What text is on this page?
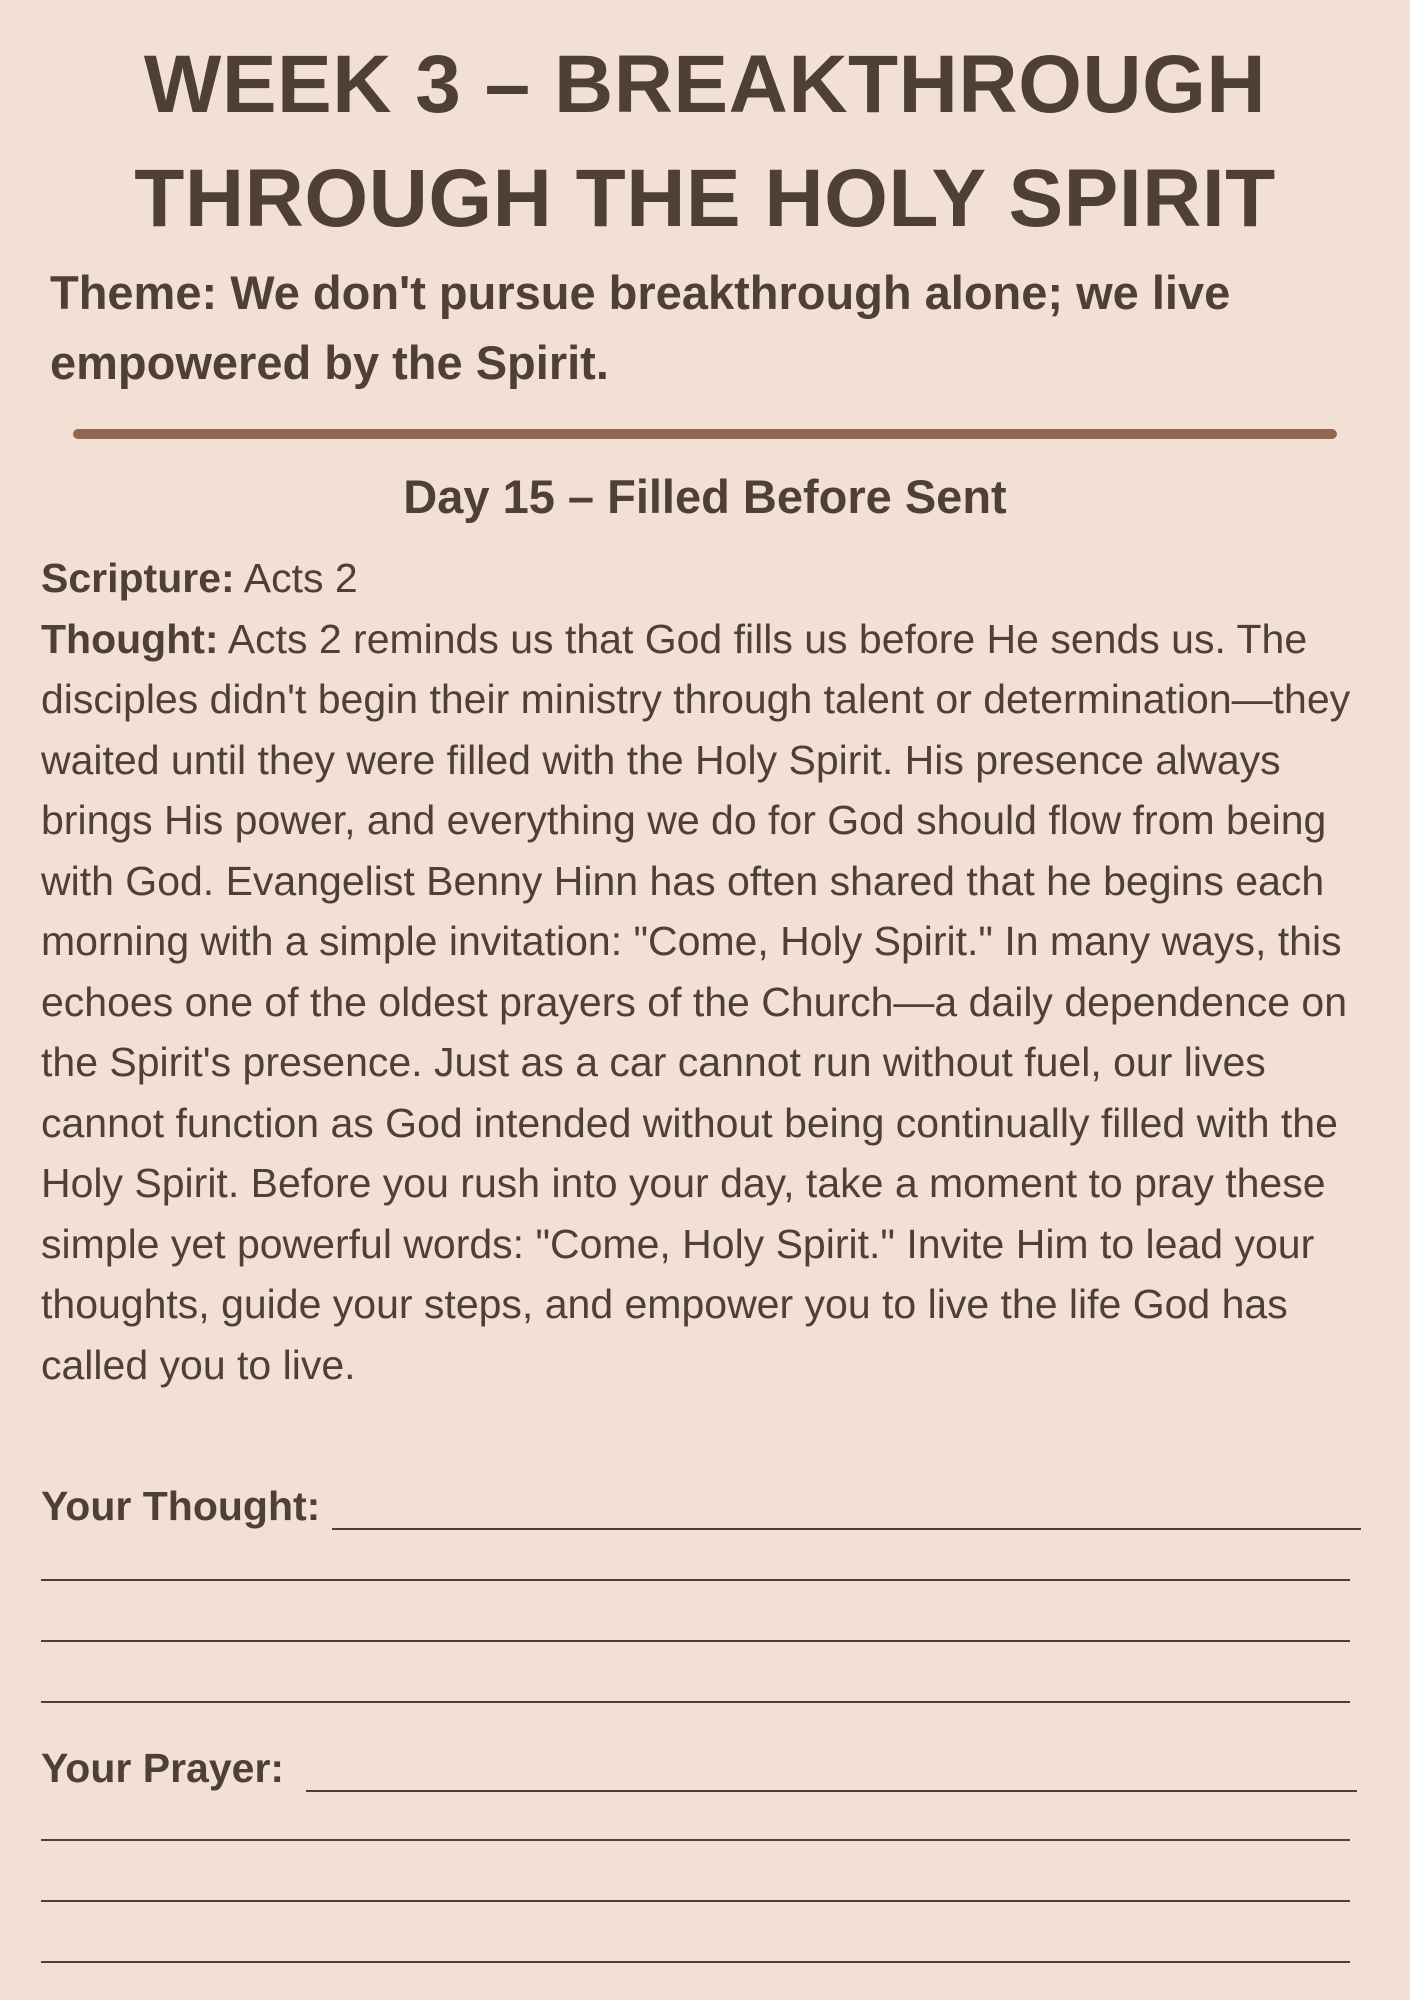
WEEK 3 – BREAKTHROUGH
THROUGH THE HOLY SPIRIT

Theme: We don't pursue breakthrough alone; we live empowered by the Spirit.

Day 15 – Filled Before Sent

Scripture: Acts 2

Thought: Acts 2 reminds us that God fills us before He sends us. The disciples didn't begin their ministry through talent or determination—they waited until they were filled with the Holy Spirit. His presence always brings His power, and everything we do for God should flow from being with God. Evangelist Benny Hinn has often shared that he begins each morning with a simple invitation: "Come, Holy Spirit." In many ways, this echoes one of the oldest prayers of the Church—a daily dependence on the Spirit's presence. Just as a car cannot run without fuel, our lives cannot function as God intended without being continually filled with the Holy Spirit. Before you rush into your day, take a moment to pray these simple yet powerful words: "Come, Holy Spirit." Invite Him to lead your thoughts, guide your steps, and empower you to live the life God has called you to live.

Your Thought:
Your Prayer:
